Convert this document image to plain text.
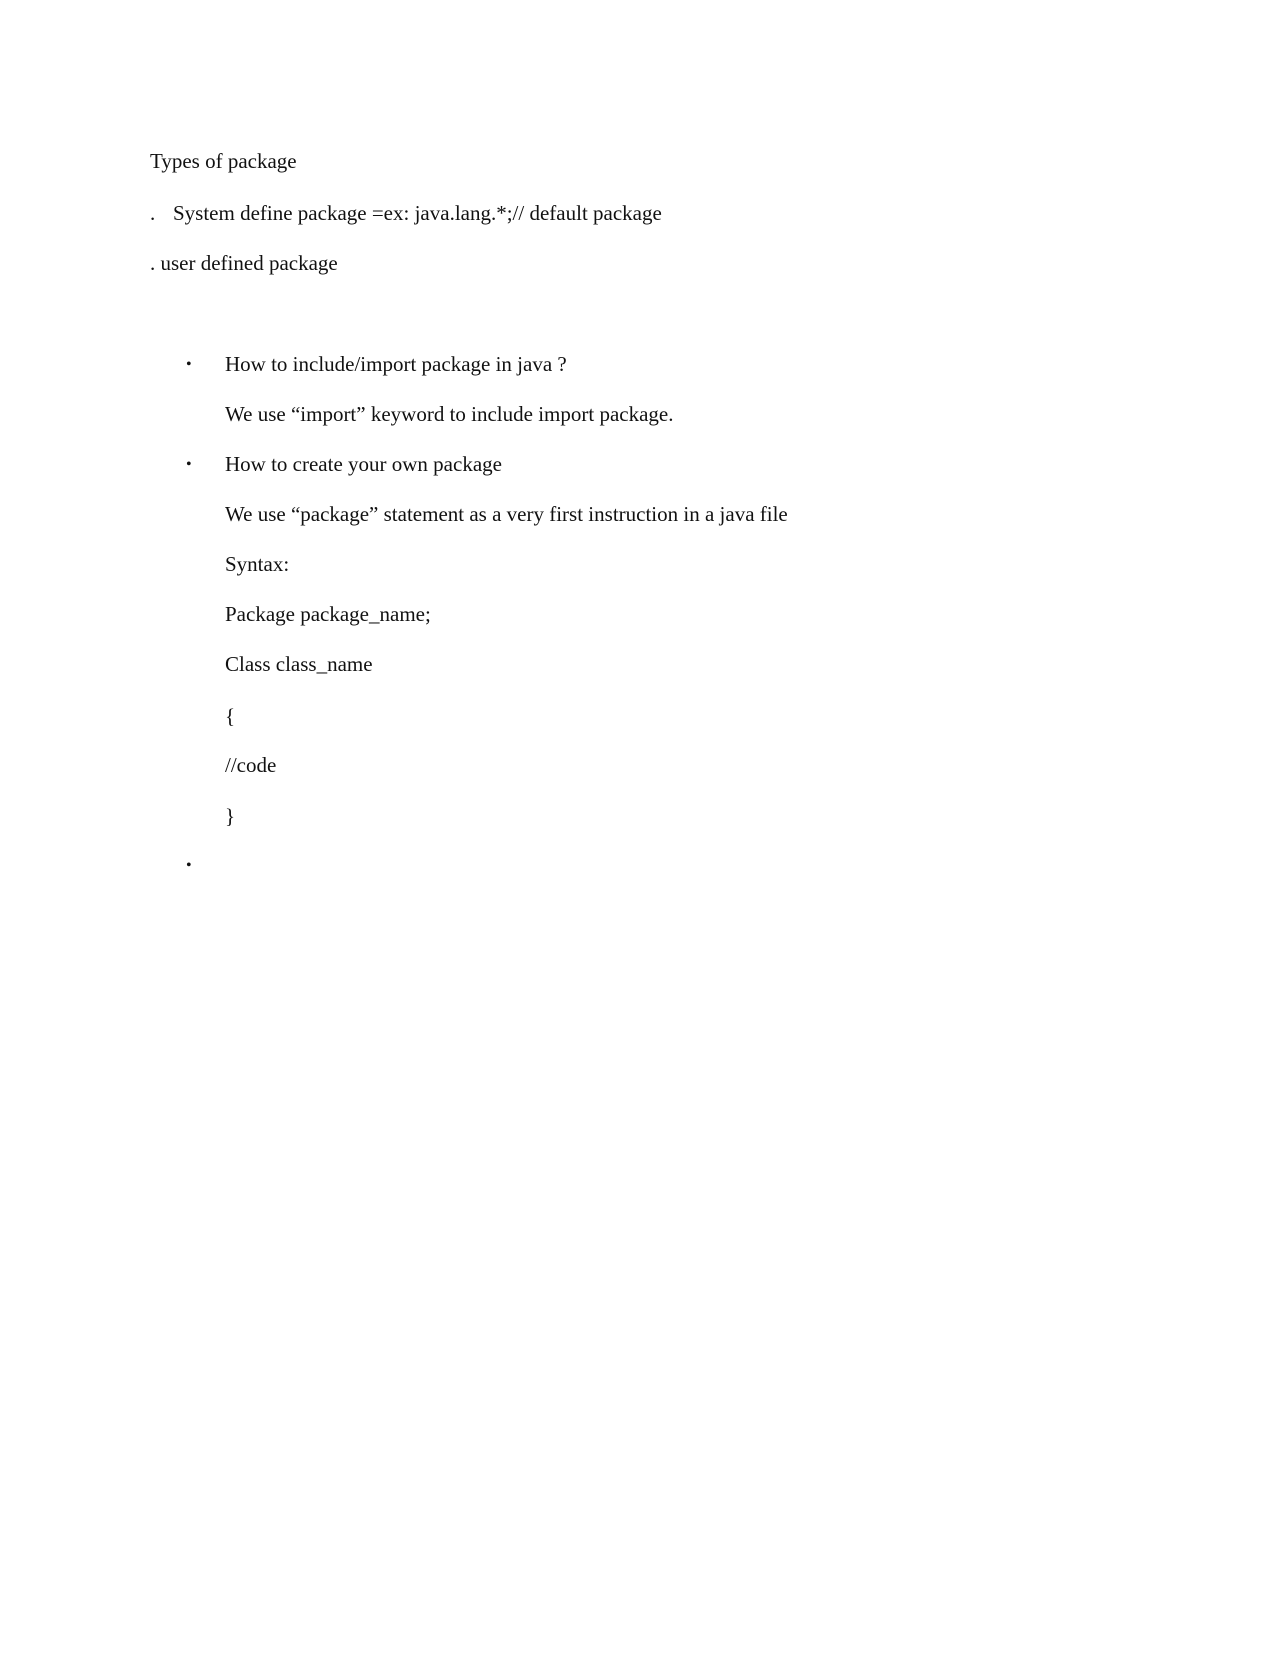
Types of package
. System define package =ex: java.lang.*;// default package
. user defined package
• How to include/import package in java ?
We use “import” keyword to include import package.
• How to create your own package
We use “package” statement as a very first instruction in a java file
Syntax:
Package package_name;
Class class_name
{
//code
}
•
